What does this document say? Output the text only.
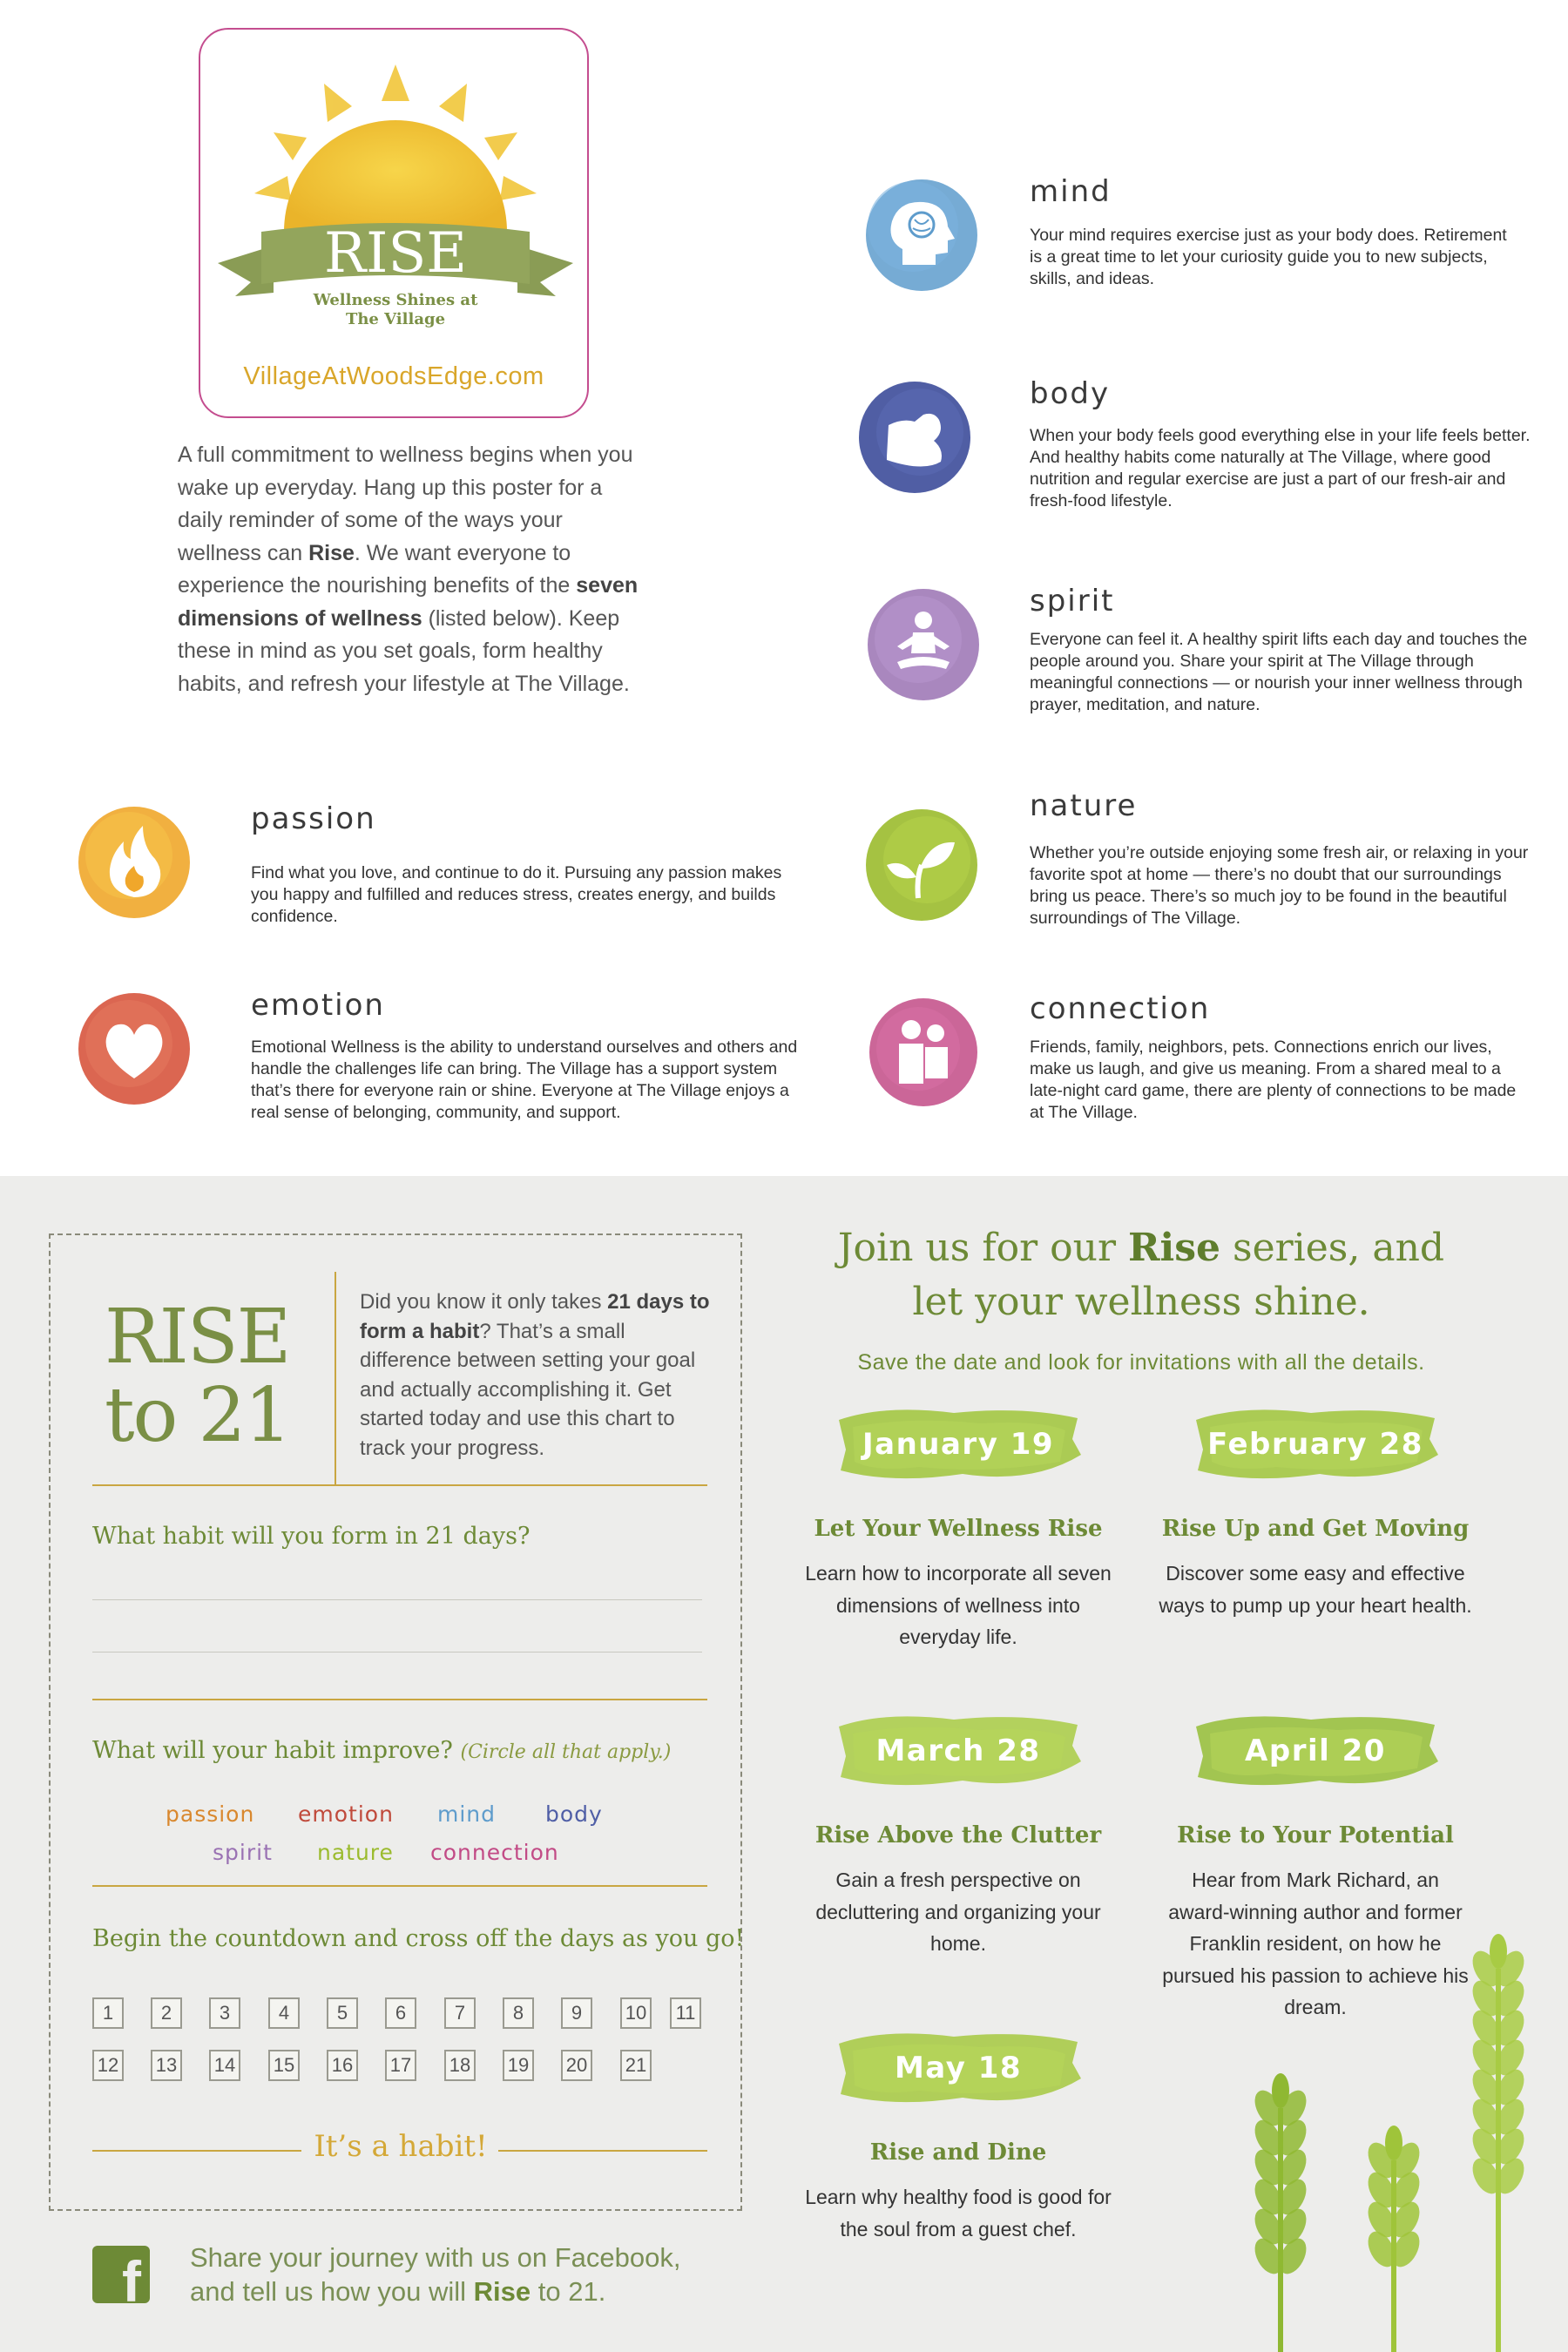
RISE
Wellness Shines at
The Village
VillageAtWoodsEdge.com
A full commitment to wellness begins when you wake up everyday. Hang up this poster for a daily reminder of some of the ways your wellness can Rise. We want everyone to experience the nourishing benefits of the seven dimensions of wellness (listed below). Keep these in mind as you set goals, form healthy habits, and refresh your lifestyle at The Village.
mind
Your mind requires exercise just as your body does. Retirement is a great time to let your curiosity guide you to new subjects, skills, and ideas.
body
When your body feels good everything else in your life feels better. And healthy habits come naturally at The Village, where good nutrition and regular exercise are just a part of our fresh-air and fresh-food lifestyle.
spirit
Everyone can feel it. A healthy spirit lifts each day and touches the people around you. Share your spirit at The Village through meaningful connections — or nourish your inner wellness through prayer, meditation, and nature.
nature
Whether you’re outside enjoying some fresh air, or relaxing in your favorite spot at home — there’s no doubt that our surroundings bring us peace. There’s so much joy to be found in the beautiful surroundings of The Village.
connection
Friends, family, neighbors, pets. Connections enrich our lives, make us laugh, and give us meaning. From a shared meal to a late-night card game, there are plenty of connections to be made at The Village.
passion
Find what you love, and continue to do it. Pursuing any passion makes you happy and fulfilled and reduces stress, creates energy, and builds confidence.
emotion
Emotional Wellness is the ability to understand ourselves and others and handle the challenges life can bring. The Village has a support system that’s there for everyone rain or shine. Everyone at The Village enjoys a real sense of belonging, community, and support.
RISE
to 21
Did you know it only takes 21 days to form a habit? That’s a small difference between setting your goal and actually accomplishing it. Get started today and use this chart to track your progress.
What habit will you form in 21 days?
What will your habit improve? (Circle all that apply.)
passion emotion mind body
spirit nature connection
Begin the countdown and cross off the days as you go!
1	2	3	4	5	6	7	8	9	10 11
12 13 14 15 16 17 18 19 20 21
It’s a habit!
f	Share your journey with us on Facebook,
and tell us how you will Rise to 21.
Join us for our Rise series, and
let your wellness shine.
Save the date and look for invitations with all the details.
January 19
Let Your Wellness Rise
Learn how to incorporate all seven dimensions of wellness into everyday life.
February 28
Rise Up and Get Moving
Discover some easy and effective ways to pump up your heart health.
March 28
Rise Above the Clutter
Gain a fresh perspective on decluttering and organizing your home.
April 20
Rise to Your Potential
Hear from Mark Richard, an award-winning author and former Franklin resident, on how he pursued his passion to achieve his dream.
May 18
Rise and Dine
Learn why healthy food is good for the soul from a guest chef.
